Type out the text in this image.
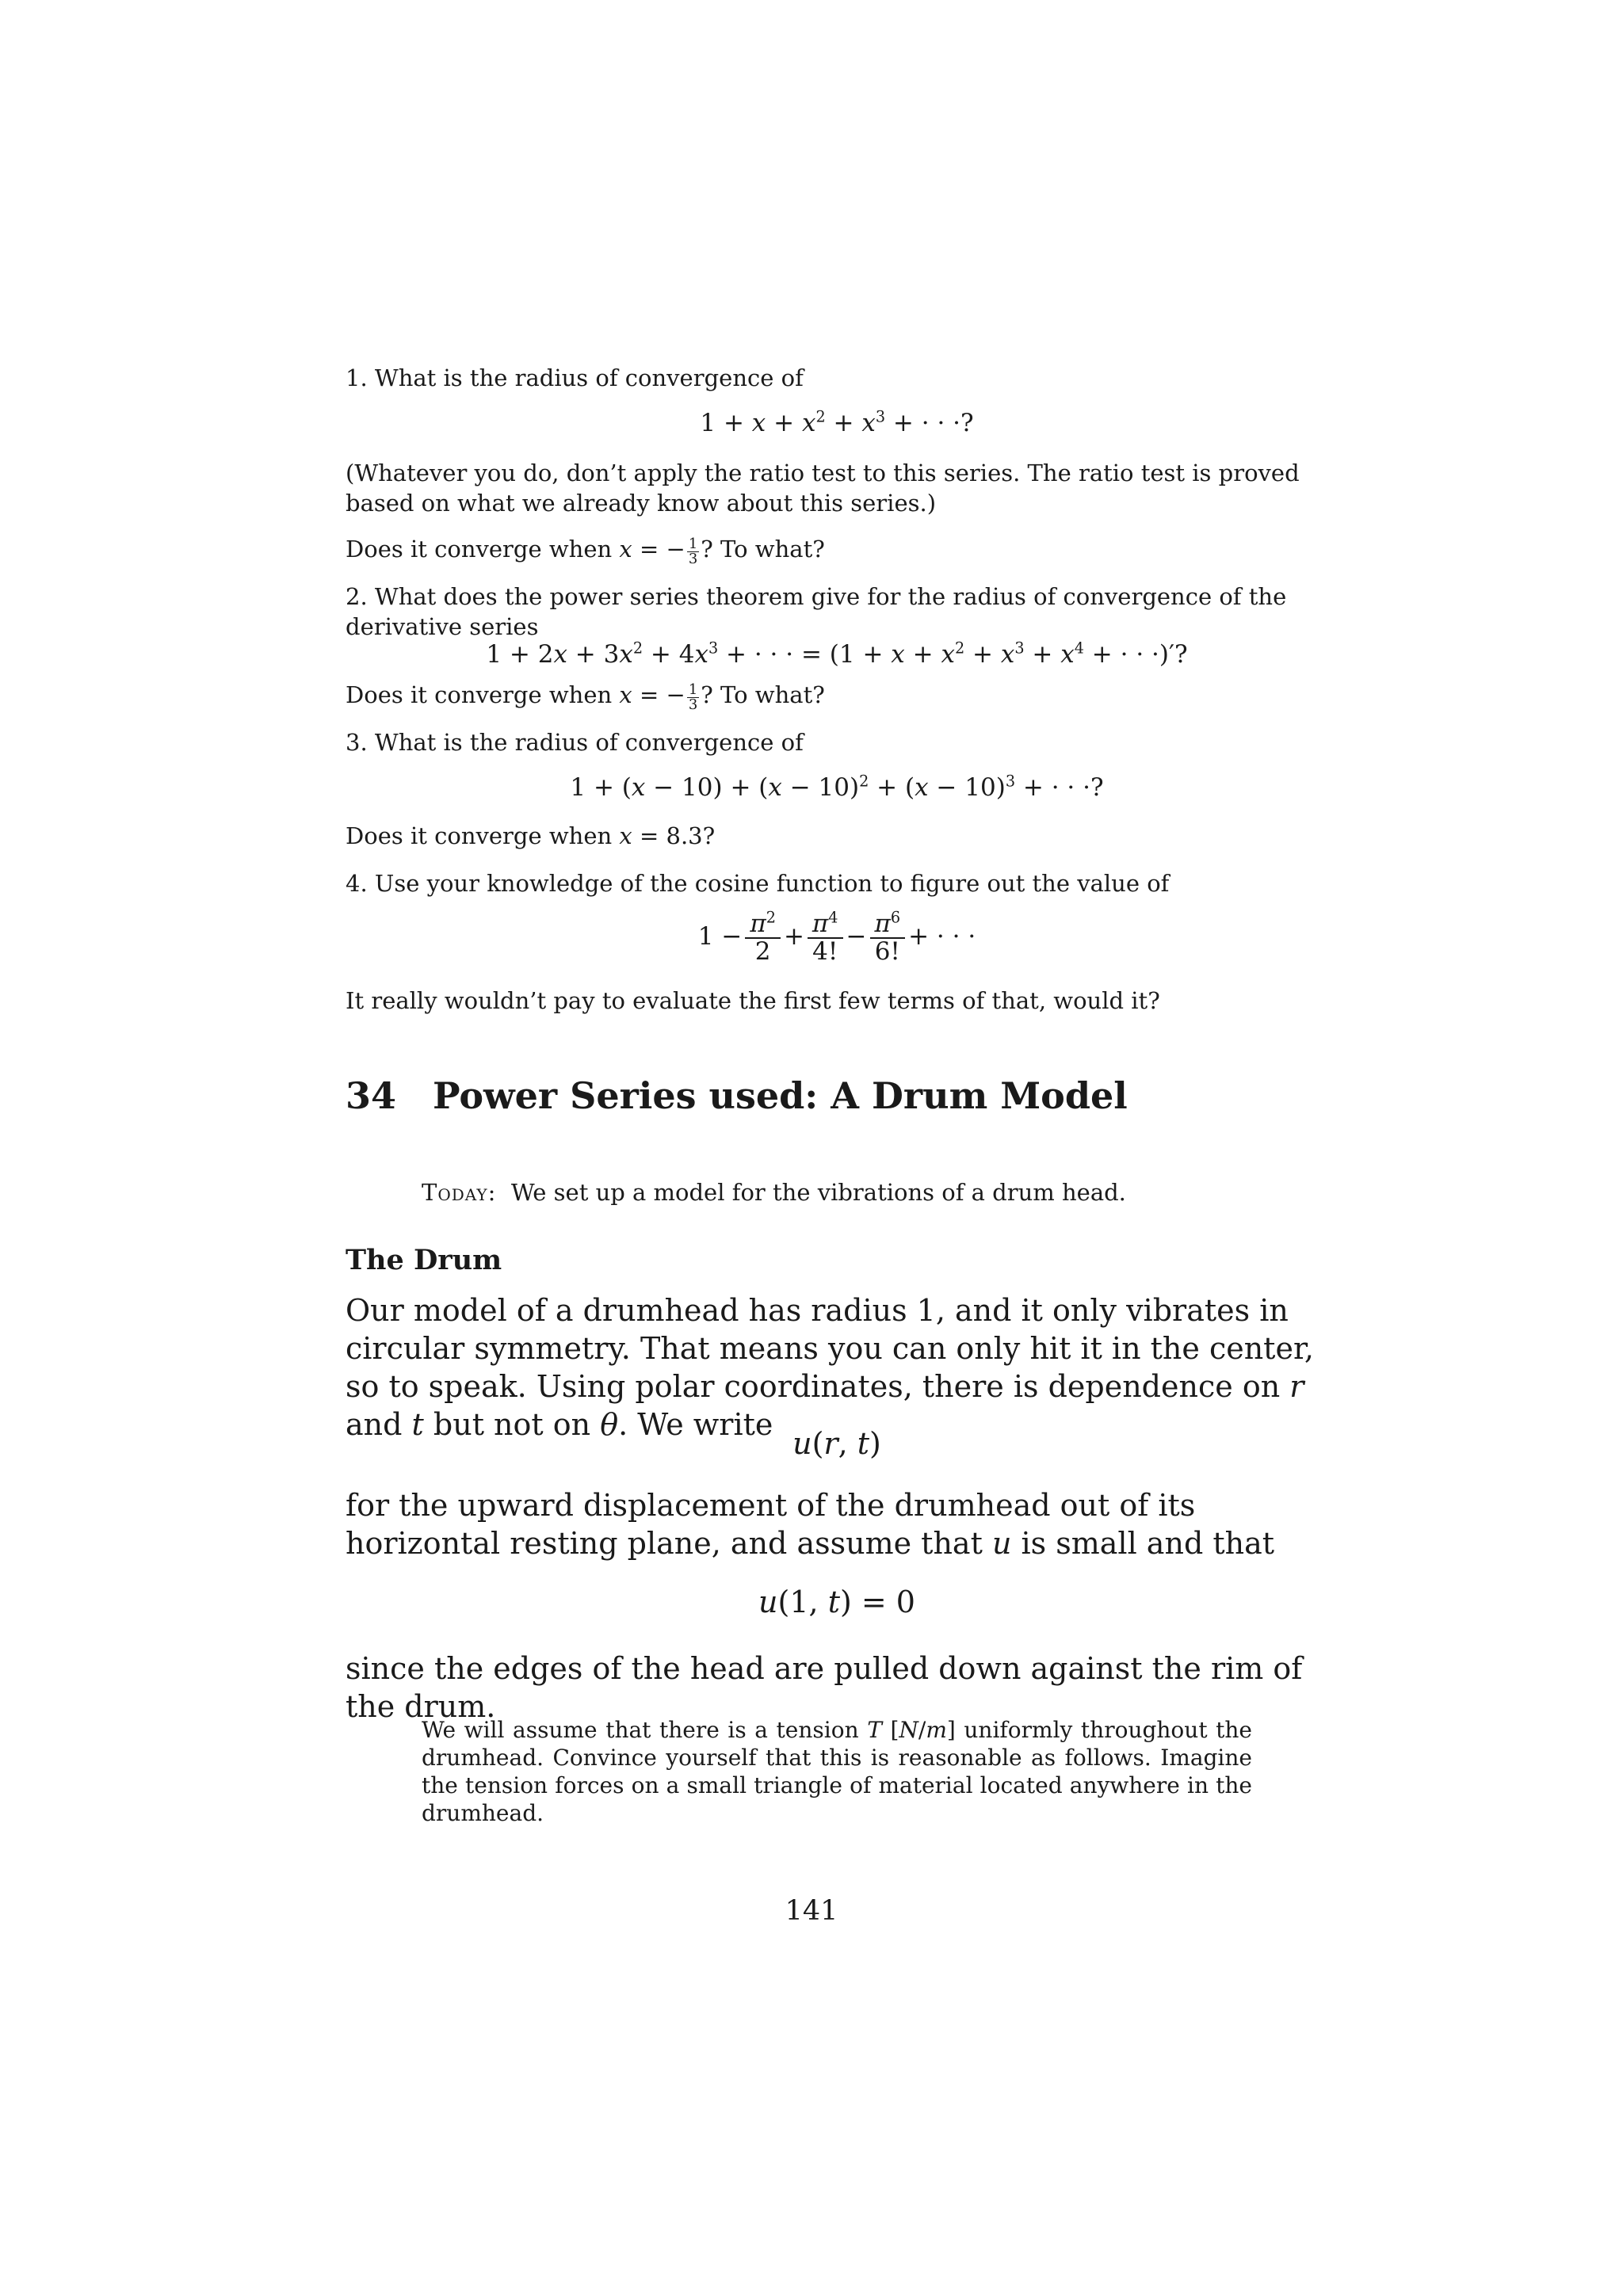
1. What is the radius of convergence of

$1 + x + x^2 + x^3$ + · · ·?

(Whatever you do, don’t apply the ratio test to this series. The ratio test is proved based on what we already know about this series.)

Does it converge when x = − $\frac{1}{3}$ ? To what?

2. What does the power series theorem give for the radius of convergence of the derivative series

$1 + 2x + 3x^2 + 4x^3$ + · · · = ($1 + x + x^2 + x^3 + x^4$ + · · ·)′?

Does it converge when x = − $\frac{1}{3}$ ? To what?

3. What is the radius of convergence of

$1 + (x - 10) + (x - 10)^2 + (x - 10)^3$ + · · ·?

Does it converge when x = 8.3?

4. Use your knowledge of the cosine function to figure out the value of

$1 - \frac{\pi^2}{2} + \frac{\pi^4}{4!} - \frac{\pi^6}{6!}$ + · · ·

It really wouldn’t pay to evaluate the first few terms of that, would it?

34 Power Series used: A Drum Model
Today: We set up a model for the vibrations of a drum head.
The Drum

Our model of a drumhead has radius 1, and it only vibrates in circular symmetry. That means you can only hit it in the center, so to speak. Using polar coordinates, there is dependence on r and t but not on θ. We write

u(r, t)

for the upward displacement of the drumhead out of its horizontal resting plane, and assume that u is small and that

u(1, t) = 0

since the edges of the head are pulled down against the rim of the drum.

We will assume that there is a tension T [N/m] uniformly throughout the drumhead. Convince yourself that this is reasonable as follows. Imagine the tension forces on a small triangle of material located anywhere in the drumhead.

141
